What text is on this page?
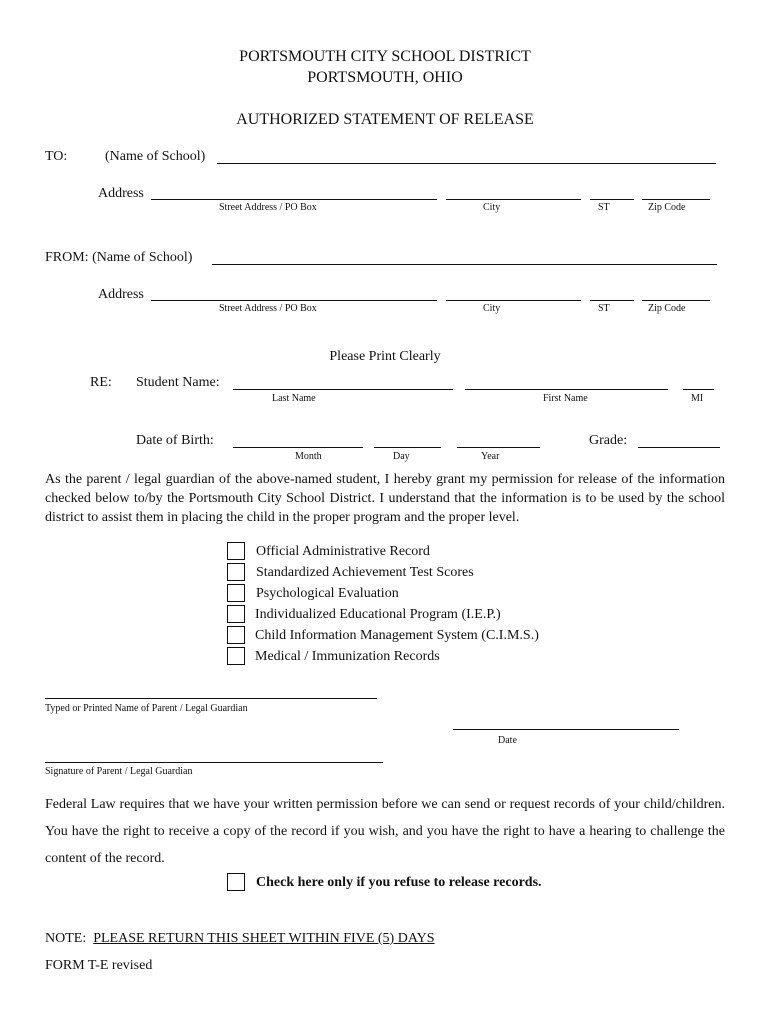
PORTSMOUTH CITY SCHOOL DISTRICT
PORTSMOUTH, OHIO
AUTHORIZED STATEMENT OF RELEASE
TO:	(Name of School)
Address
Street Address / PO Box	City	ST	Zip Code
FROM: (Name of School)
Address
Street Address / PO Box	City	ST	Zip Code
Please Print Clearly
RE: Student Name:
Last Name	First Name	MI
Date of Birth:
Month	Day	Year
Grade:
As the parent / legal guardian of the above-named student, I hereby grant my permission for release of the information checked below to/by the Portsmouth City School District. I understand that the information is to be used by the school district to assist them in placing the child in the proper program and the proper level.
Official Administrative Record
Standardized Achievement Test Scores
Psychological Evaluation
Individualized Educational Program (I.E.P.)
Child Information Management System (C.I.M.S.)
Medical / Immunization Records
Typed or Printed Name of Parent / Legal Guardian
Date
Signature of Parent / Legal Guardian
Federal Law requires that we have your written permission before we can send or request records of your child/children. You have the right to receive a copy of the record if you wish, and you have the right to have a hearing to challenge the content of the record.
Check here only if you refuse to release records.
NOTE: PLEASE RETURN THIS SHEET WITHIN FIVE (5) DAYS
FORM T-E revised
